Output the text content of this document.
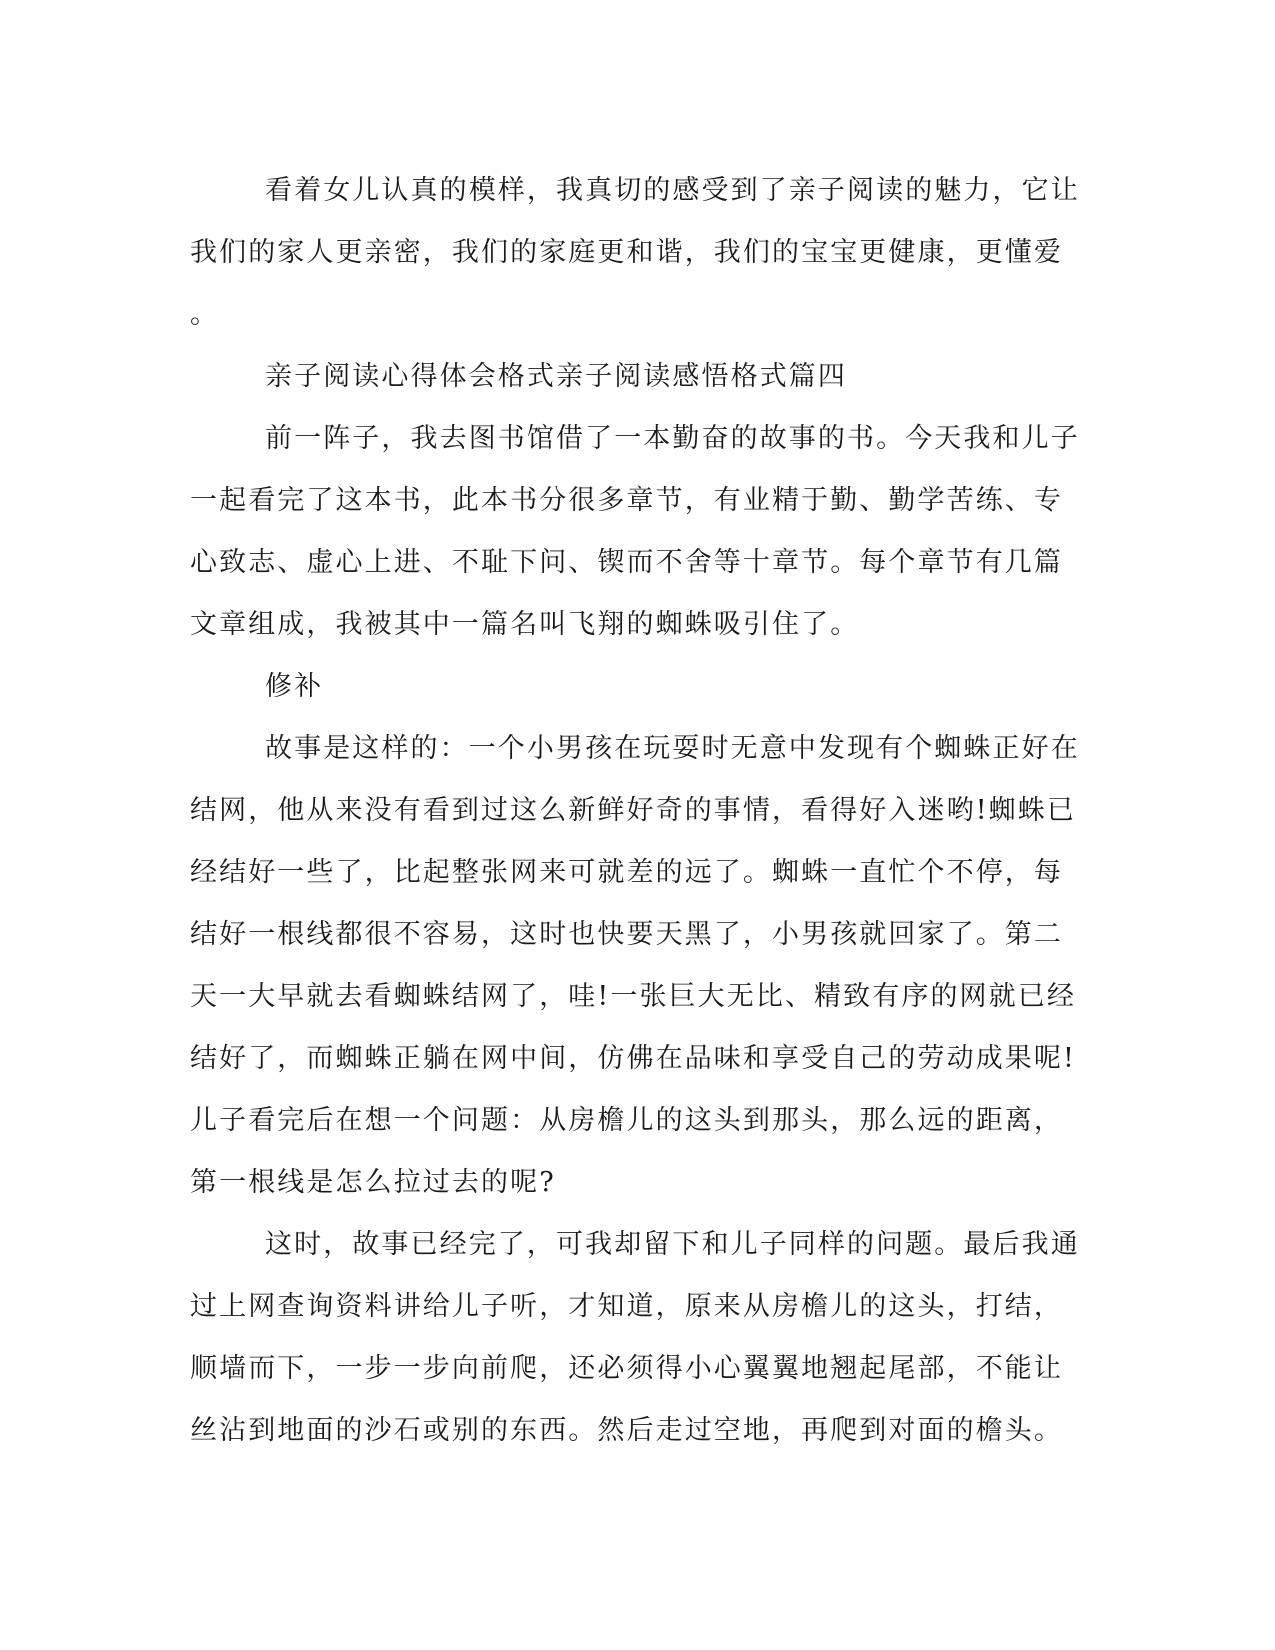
看着女儿认真的模样，我真切的感受到了亲子阅读的魅力，它让
我们的家人更亲密，我们的家庭更和谐，我们的宝宝更健康，更懂爱
。
亲子阅读心得体会格式亲子阅读感悟格式篇四
前一阵子，我去图书馆借了一本勤奋的故事的书。今天我和儿子
一起看完了这本书，此本书分很多章节，有业精于勤、勤学苦练、专
心致志、虚心上进、不耻下问、锲而不舍等十章节。每个章节有几篇
文章组成，我被其中一篇名叫飞翔的蜘蛛吸引住了。
修补
故事是这样的：一个小男孩在玩耍时无意中发现有个蜘蛛正好在
结网，他从来没有看到过这么新鲜好奇的事情，看得好入迷哟!蜘蛛已
经结好一些了，比起整张网来可就差的远了。蜘蛛一直忙个不停，每
结好一根线都很不容易，这时也快要天黑了，小男孩就回家了。第二
天一大早就去看蜘蛛结网了，哇!一张巨大无比、精致有序的网就已经
结好了，而蜘蛛正躺在网中间，仿佛在品味和享受自己的劳动成果呢!
儿子看完后在想一个问题：从房檐儿的这头到那头，那么远的距离，
第一根线是怎么拉过去的呢?
这时，故事已经完了，可我却留下和儿子同样的问题。最后我通
过上网查询资料讲给儿子听，才知道，原来从房檐儿的这头，打结，
顺墙而下，一步一步向前爬，还必须得小心翼翼地翘起尾部，不能让
丝沾到地面的沙石或别的东西。然后走过空地，再爬到对面的檐头。
